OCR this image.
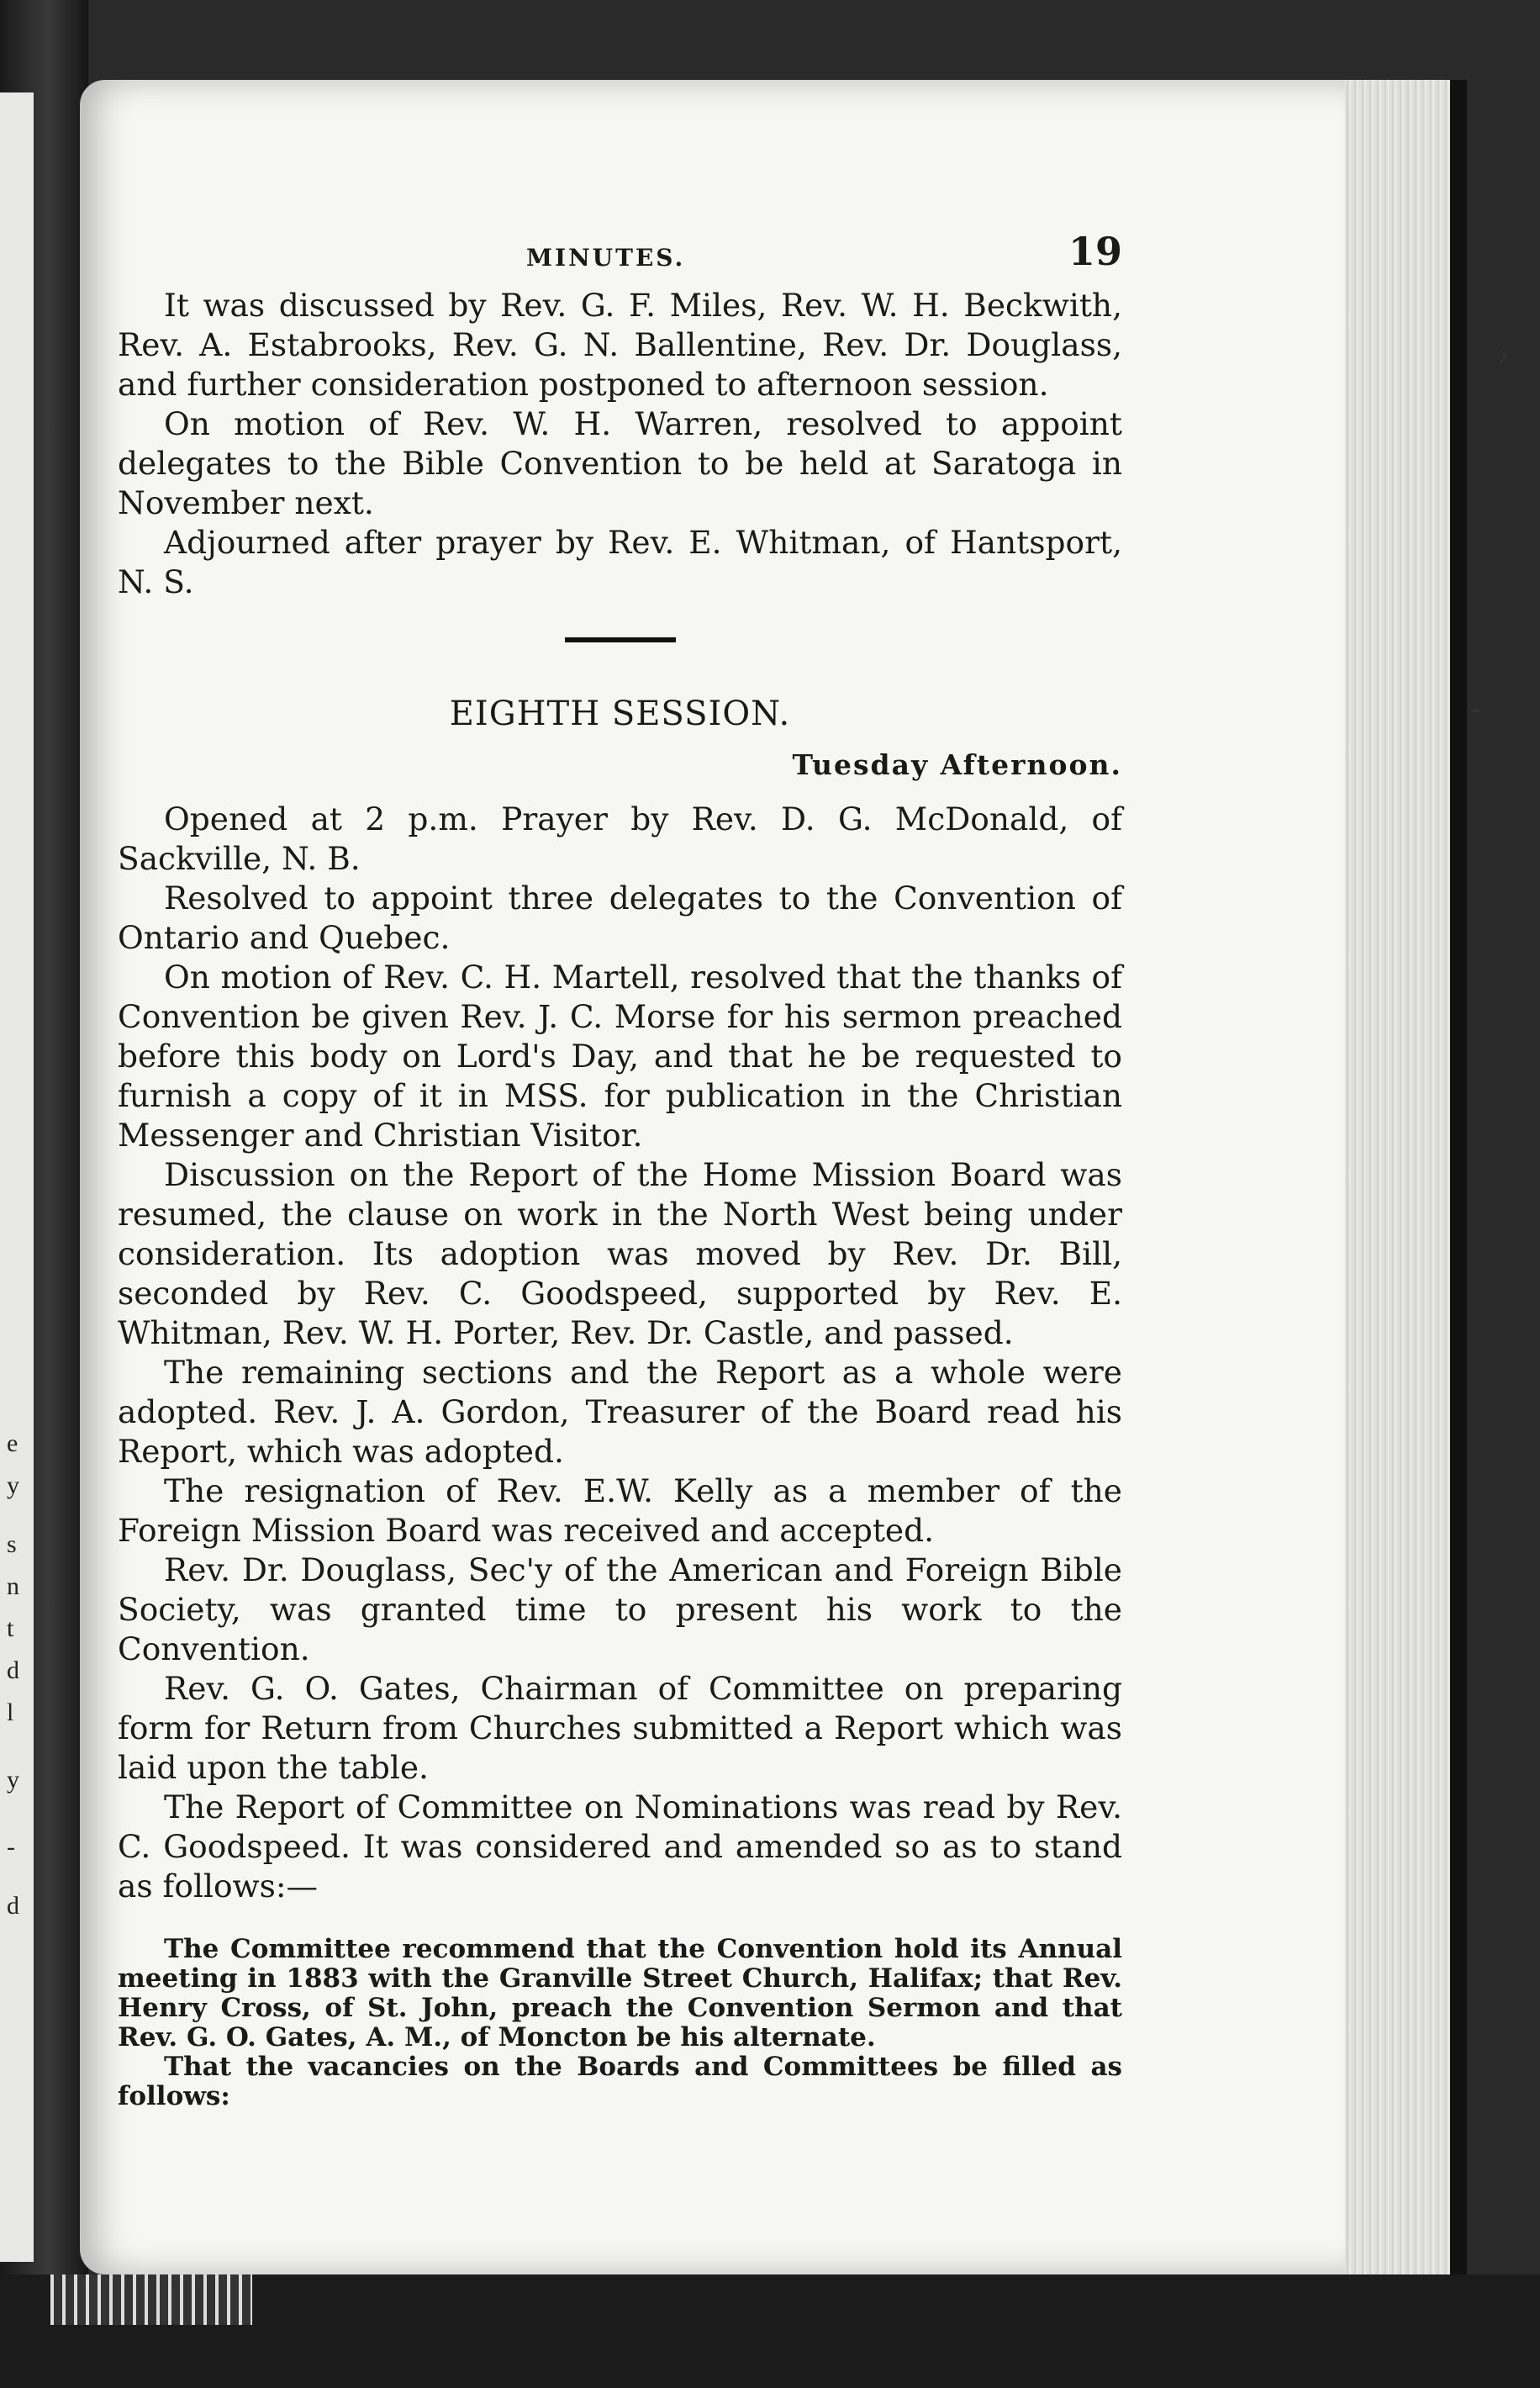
e
y
s
n
t
d
l
y
-
d
›
-
MINUTES.	19

It was discussed by Rev. G. F. Miles, Rev. W. H. Beckwith, Rev. A. Estabrooks, Rev. G. N. Ballentine, Rev. Dr. Douglass, and further consideration postponed to afternoon session.

On motion of Rev. W. H. Warren, resolved to appoint delegates to the Bible Convention to be held at Saratoga in November next.

Adjourned after prayer by Rev. E. Whitman, of Hantsport, N. S.

EIGHTH SESSION.
Tuesday Afternoon.

Opened at 2 p.m. Prayer by Rev. D. G. McDonald, of Sackville, N. B.

Resolved to appoint three delegates to the Convention of Ontario and Quebec.

On motion of Rev. C. H. Martell, resolved that the thanks of Convention be given Rev. J. C. Morse for his sermon preached before this body on Lord's Day, and that he be requested to furnish a copy of it in MSS. for publication in the Christian Messenger and Christian Visitor.

Discussion on the Report of the Home Mission Board was resumed, the clause on work in the North West being under consideration. Its adoption was moved by Rev. Dr. Bill, seconded by Rev. C. Goodspeed, supported by Rev. E. Whitman, Rev. W. H. Porter, Rev. Dr. Castle, and passed.

The remaining sections and the Report as a whole were adopted. Rev. J. A. Gordon, Treasurer of the Board read his Report, which was adopted.

The resignation of Rev. E.W. Kelly as a member of the Foreign Mission Board was received and accepted.

Rev. Dr. Douglass, Sec'y of the American and Foreign Bible Society, was granted time to present his work to the Convention.

Rev. G. O. Gates, Chairman of Committee on preparing form for Return from Churches submitted a Report which was laid upon the table.

The Report of Committee on Nominations was read by Rev. C. Goodspeed. It was considered and amended so as to stand as follows:—

The Committee recommend that the Convention hold its Annual meeting in 1883 with the Granville Street Church, Halifax; that Rev. Henry Cross, of St. John, preach the Convention Sermon and that Rev. G. O. Gates, A. M., of Moncton be his alternate.

That the vacancies on the Boards and Committees be filled as follows:
